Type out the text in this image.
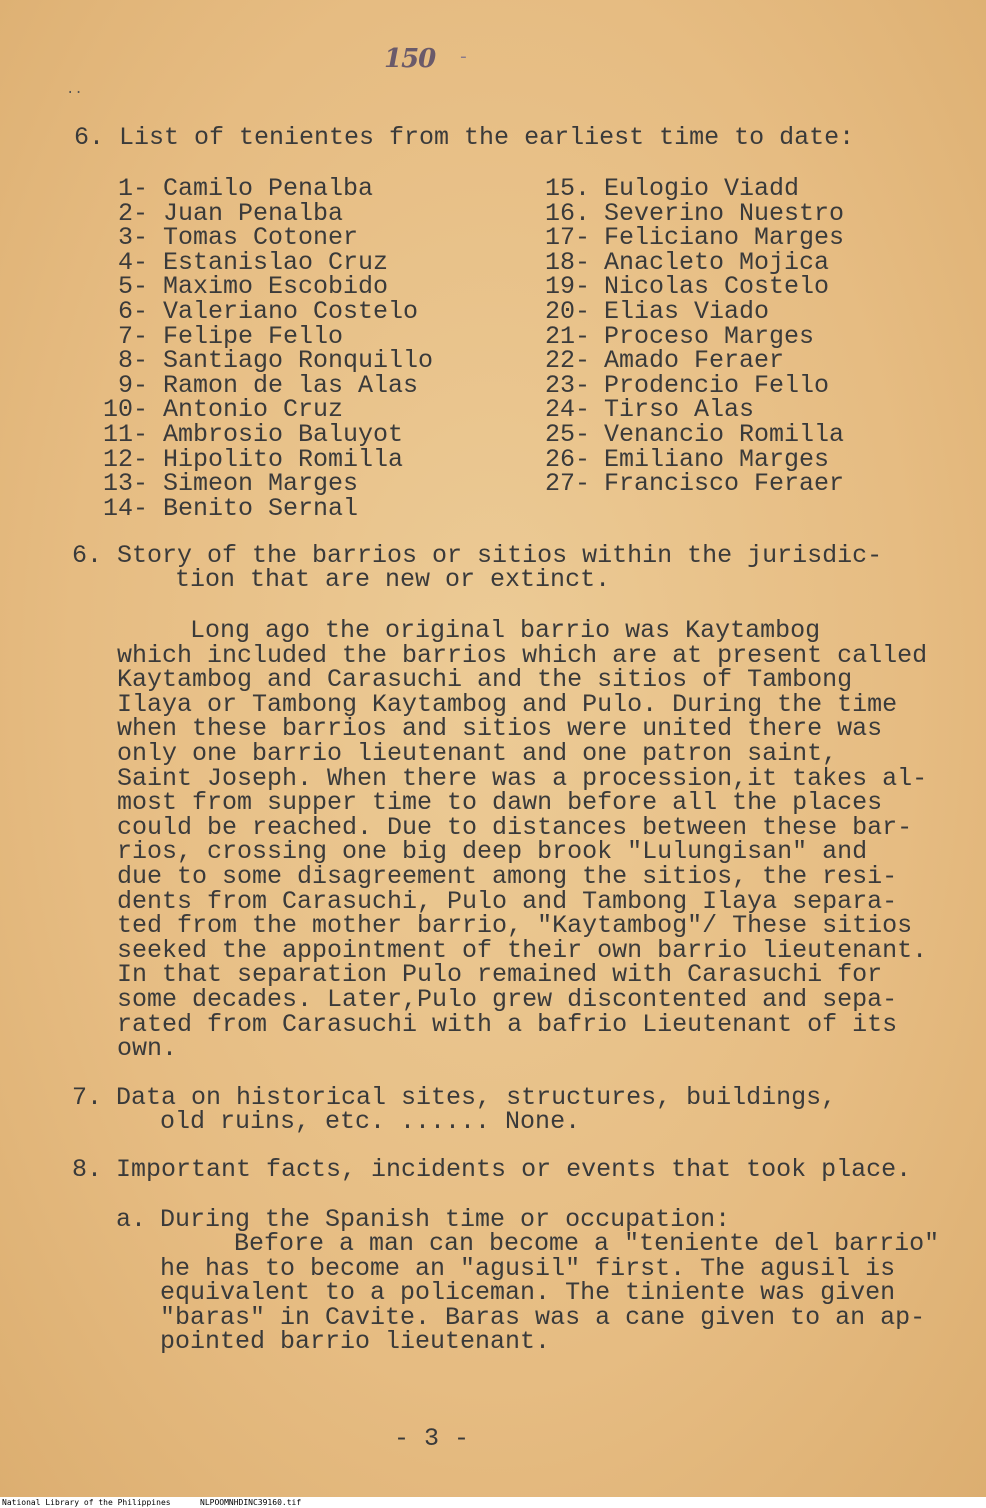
150 -
..
6. List of tenientes from the earliest time to date:
1- Camilo Penalba
2- Juan Penalba
3- Tomas Cotoner
4- Estanislao Cruz
5- Maximo Escobido
6- Valeriano Costelo
7- Felipe Fello
8- Santiago Ronquillo
9- Ramon de las Alas
10- Antonio Cruz
11- Ambrosio Baluyot
12- Hipolito Romilla
13- Simeon Marges
14- Benito Sernal
15. Eulogio Viadd
16. Severino Nuestro
17- Feliciano Marges
18- Anacleto Mojica
19- Nicolas Costelo
20- Elias Viado
21- Proceso Marges
22- Amado Feraer
23- Prodencio Fello
24- Tirso Alas
25- Venancio Romilla
26- Emiliano Marges
27- Francisco Feraer
6. Story of the barrios or sitios within the jurisdic-
tion that are new or extinct.
Long ago the original barrio was Kaytambog
which included the barrios which are at present called
Kaytambog and Carasuchi and the sitios of Tambong
Ilaya or Tambong Kaytambog and Pulo. During the time
when these barrios and sitios were united there was
only one barrio lieutenant and one patron saint,
Saint Joseph. When there was a procession,it takes al-
most from supper time to dawn before all the places
could be reached. Due to distances between these bar-
rios, crossing one big deep brook "Lulungisan" and
due to some disagreement among the sitios, the resi-
dents from Carasuchi, Pulo and Tambong Ilaya separa-
ted from the mother barrio, "Kaytambog"/ These sitios
seeked the appointment of their own barrio lieutenant.
In that separation Pulo remained with Carasuchi for
some decades. Later,Pulo grew discontented and sepa-
rated from Carasuchi with a bafrio Lieutenant of its
own.
7. Data on historical sites, structures, buildings,
old ruins, etc. ...... None.
8. Important facts, incidents or events that took place.
a. During the Spanish time or occupation:
Before a man can become a "teniente del barrio"
he has to become an "agusil" first. The agusil is
equivalent to a policeman. The tiniente was given
"baras" in Cavite. Baras was a cane given to an ap-
pointed barrio lieutenant.
- 3 -
National Library of the Philippines	NLPOOMNHDINC39160.tif
